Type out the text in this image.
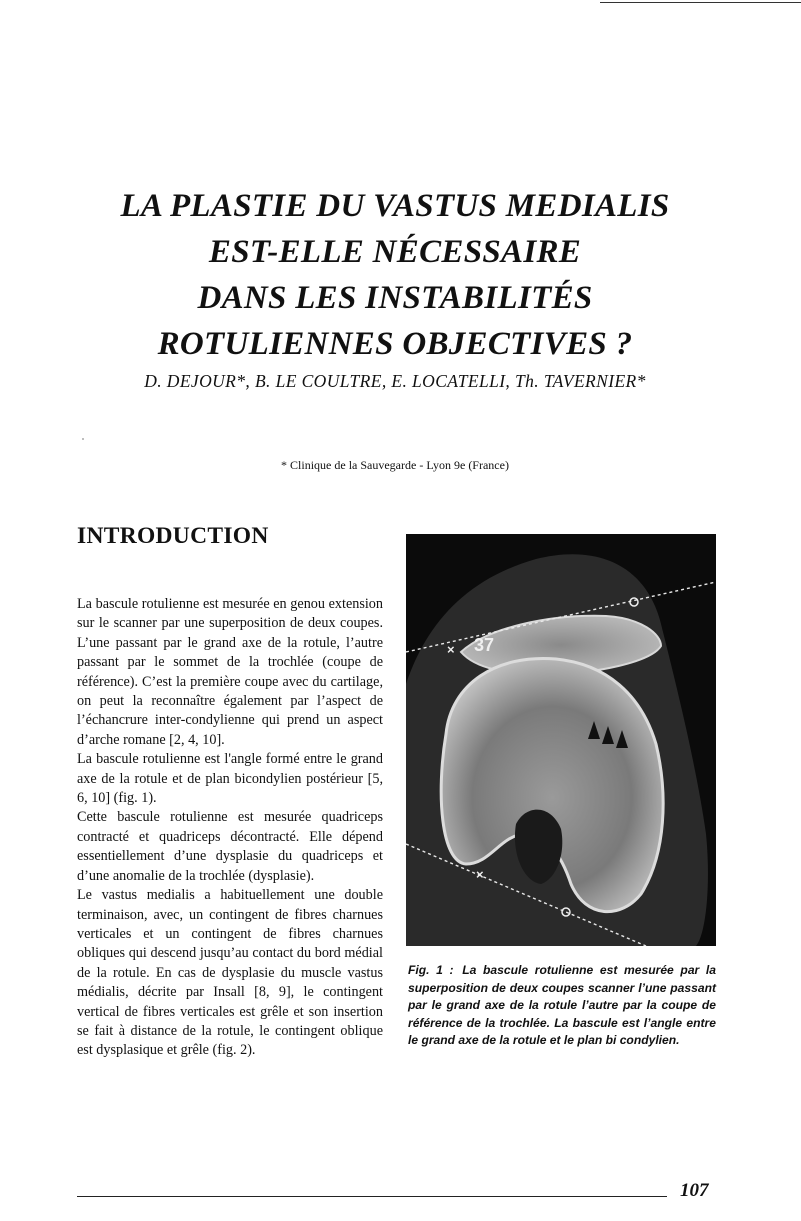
LA PLASTIE DU VASTUS MEDIALIS
EST-ELLE NÉCESSAIRE
DANS LES INSTABILITÉS
ROTULIENNES OBJECTIVES ?
D. DEJOUR*, B. LE COULTRE, E. LOCATELLI, Th. TAVERNIER*
* Clinique de la Sauvegarde - Lyon 9e (France)
INTRODUCTION

La bascule rotulienne est mesurée en genou extension sur le scanner par une superposition de deux coupes. L’une passant par le grand axe de la rotule, l’autre passant par le sommet de la trochlée (coupe de référence). C’est la première coupe avec du cartilage, on peut la reconnaître également par l’aspect de l’échancrure inter-condylienne qui prend un aspect d’arche romane [2, 4, 10].

La bascule rotulienne est l'angle formé entre le grand axe de la rotule et de plan bicondylien postérieur [5, 6, 10] (fig. 1).

Cette bascule rotulienne est mesurée quadriceps contracté et quadriceps décontracté. Elle dépend essentiellement d’une dysplasie du quadriceps et d’une anomalie de la trochlée (dysplasie).

Le vastus medialis a habituellement une double terminaison, avec, un contingent de fibres charnues verticales et un contingent de fibres charnues obliques qui descend jusqu’au contact du bord médial de la rotule. En cas de dysplasie du muscle vastus médialis, décrite par Insall [8, 9], le contingent vertical de fibres verticales est grêle et son insertion se fait à distance de la rotule, le contingent oblique est dysplasique et grêle (fig. 2).

× 37
×
Fig. 1 : La bascule rotulienne est mesurée par la superposition de deux coupes scanner l’une passant par le grand axe de la rotule l’autre par la coupe de référence de la trochlée. La bascule est l’angle entre le grand axe de la rotule et le plan bi condylien.
107
